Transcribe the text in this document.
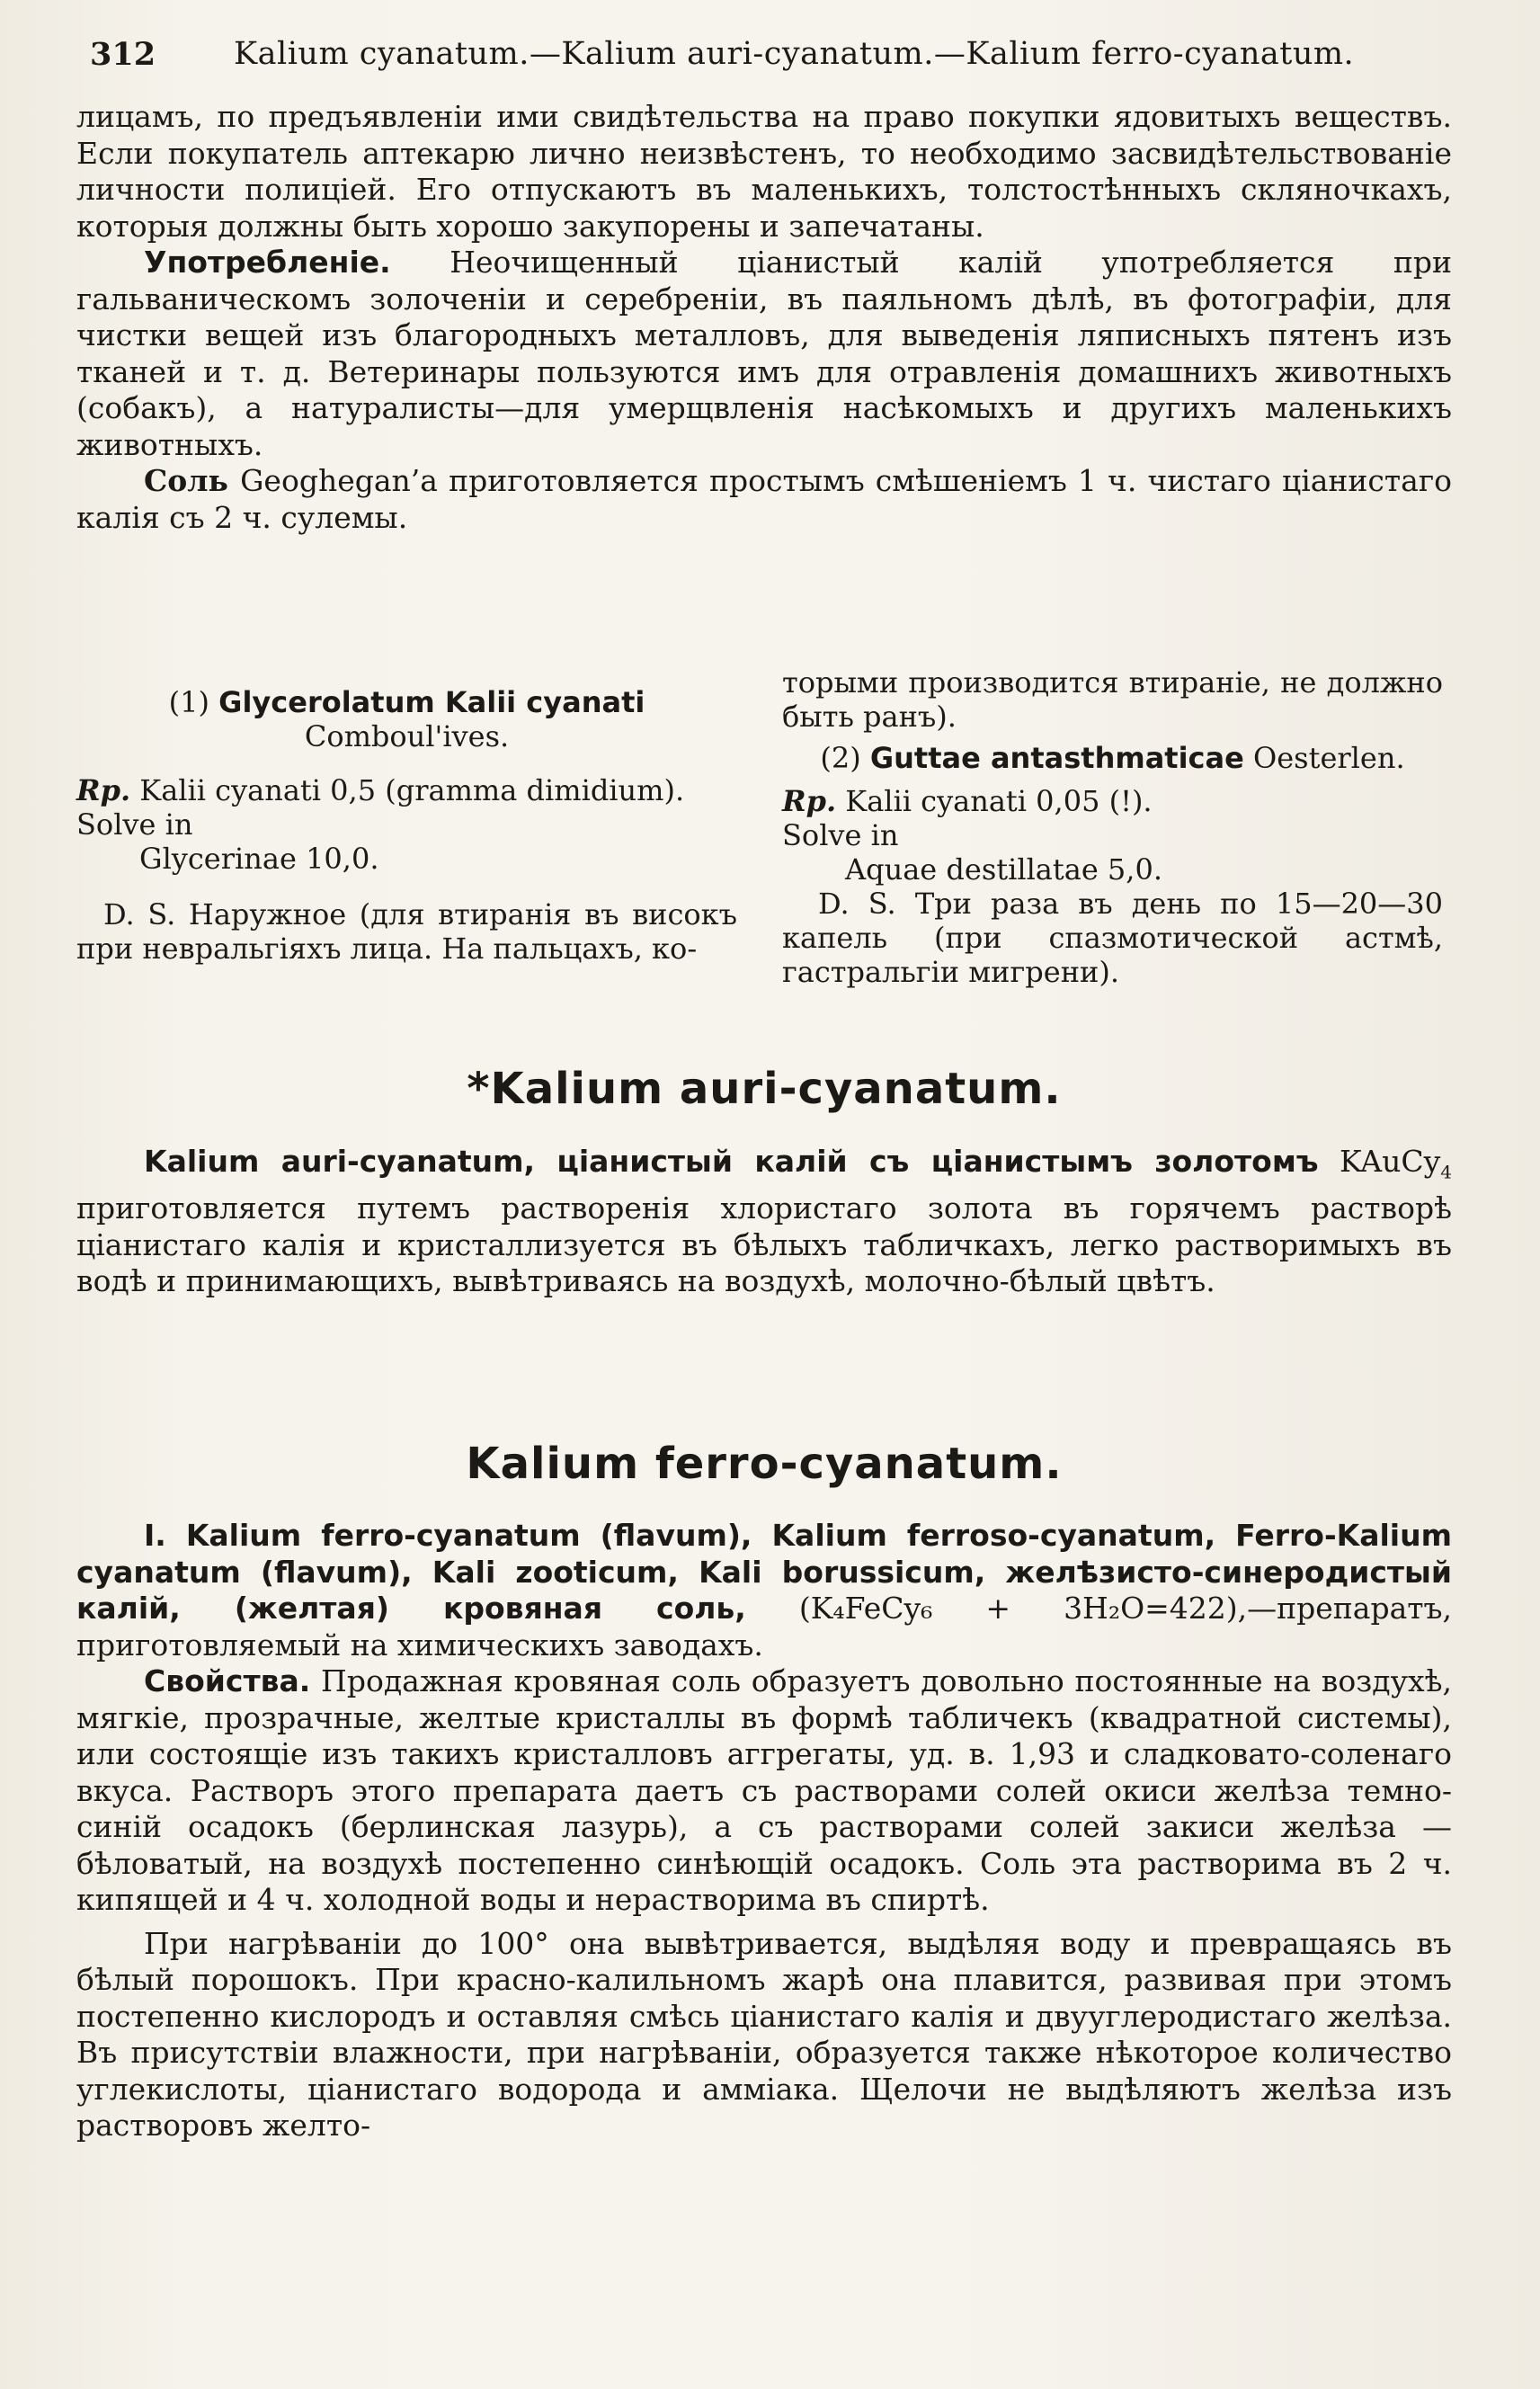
312 Kalium cyanatum.—Kalium auri-cyanatum.—Kalium ferro-cyanatum.

лицамъ, по предъявленіи ими свидѣтельства на право покупки ядовитыхъ веществъ. Если покупатель аптекарю лично неизвѣстенъ, то необходимо засвидѣтельствованіе личности полиціей. Его отпускаютъ въ маленькихъ, толстостѣнныхъ скляночкахъ, которыя должны быть хорошо закупорены и запечатаны.

Употребленіе. Неочищенный ціанистый калій употребляется при гальваническомъ золоченіи и серебреніи, въ паяльномъ дѣлѣ, въ фотографіи, для чистки вещей изъ благородныхъ металловъ, для выведенія ляписныхъ пятенъ изъ тканей и т. д. Ветеринары пользуются имъ для отравленія домашнихъ животныхъ (собакъ), а натуралисты—для умерщвленія насѣкомыхъ и другихъ маленькихъ животныхъ.

Соль Geoghegan’a приготовляется простымъ смѣшеніемъ 1 ч. чистаго ціанистаго калія съ 2 ч. сулемы.

(1) Glycerolatum Kalii cyanati Comboul'ives.

Rp. Kalii cyanati 0,5 (gramma dimidium).

Solve in

Glycerinae 10,0.

D. S. Наружное (для втиранія въ високъ при невральгіяхъ лица. На пальцахъ, ко-

торыми производится втираніе, не должно быть ранъ).

(2) Guttae antasthmaticae Oesterlen.

Rp. Kalii cyanati 0,05 (!).

Solve in

Aquae destillatae 5,0.

D. S. Три раза въ день по 15—20—30 капель (при спазмотической астмѣ, гастральгіи мигрени).

*Kalium auri-cyanatum.

Kalium auri-cyanatum, ціанистый калій съ ціанистымъ золотомъ KAuCy$_4$ приготовляется путемъ растворенія хлористаго золота въ горячемъ растворѣ ціанистаго калія и кристаллизуется въ бѣлыхъ табличкахъ, легко растворимыхъ въ водѣ и принимающихъ, вывѣтриваясь на воздухѣ, молочно-бѣлый цвѣтъ.

Kalium ferro-cyanatum.

I. Kalium ferro-cyanatum (flavum), Kalium ferroso-cyanatum, Ferro-Kalium cyanatum (flavum), Kali zooticum, Kali borussicum, желѣзисто-синеродистый калій, (желтая) кровяная соль, (K₄FeCy₆ + 3H₂O=422),—препаратъ, приготовляемый на химическихъ заводахъ.

Свойства. Продажная кровяная соль образуетъ довольно постоянные на воздухѣ, мягкіе, прозрачные, желтые кристаллы въ формѣ табличекъ (квадратной системы), или состоящіе изъ такихъ кристалловъ аггрегаты, уд. в. 1,93 и сладковато-соленаго вкуса. Растворъ этого препарата даетъ съ растворами солей окиси желѣза темно-синій осадокъ (берлинская лазурь), а съ растворами солей закиси желѣза — бѣловатый, на воздухѣ постепенно синѣющій осадокъ. Соль эта растворима въ 2 ч. кипящей и 4 ч. холодной воды и нерастворима въ спиртѣ.

При нагрѣваніи до 100° она вывѣтривается, выдѣляя воду и превращаясь въ бѣлый порошокъ. При красно-калильномъ жарѣ она плавится, развивая при этомъ постепенно кислородъ и оставляя смѣсь ціанистаго калія и двууглеродистаго желѣза. Въ присутствіи влажности, при нагрѣваніи, образуется также нѣкоторое количество углекислоты, ціанистаго водорода и амміака. Щелочи не выдѣляютъ желѣза изъ растворовъ желто-
